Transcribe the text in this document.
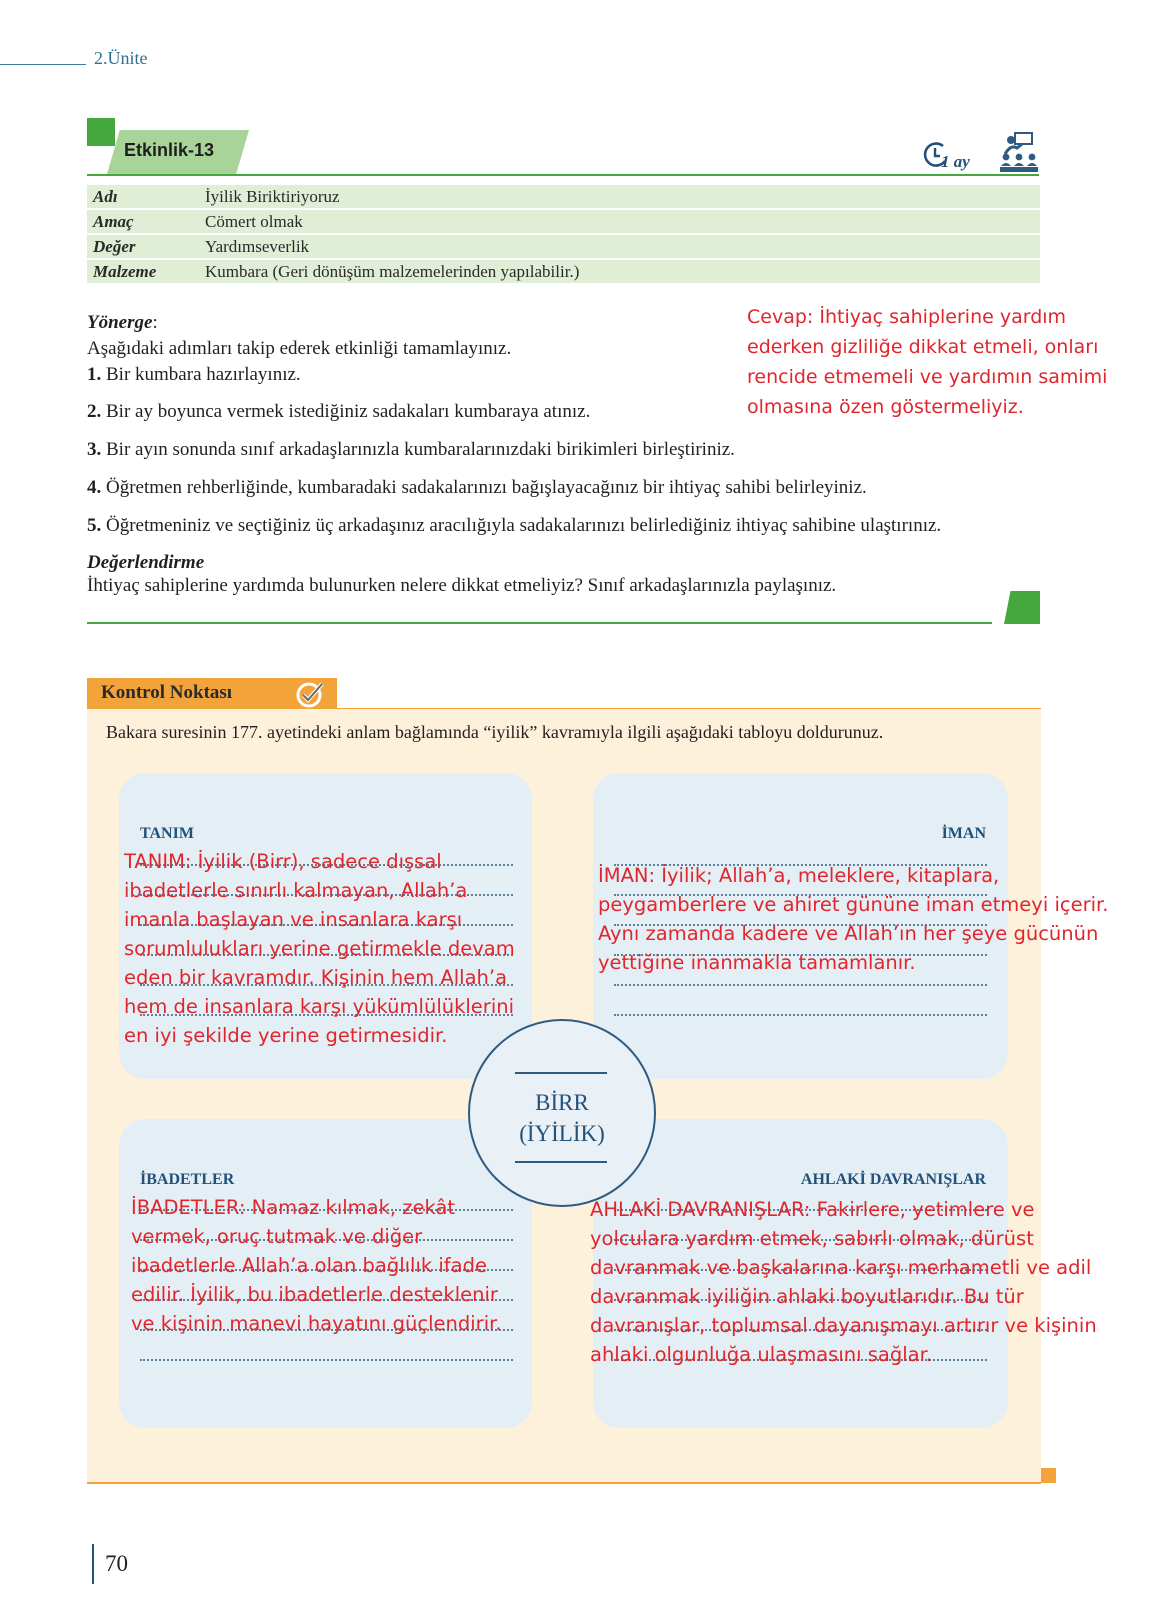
2.Ünite
Etkinlik-13
1 ay
Adı	İyilik Biriktiriyoruz
Amaç	Cömert olmak
Değer	Yardımseverlik
Malzeme	Kumbara (Geri dönüşüm malzemelerinden yapılabilir.)
Yönerge:
Aşağıdaki adımları takip ederek etkinliği tamamlayınız.
1. Bir kumbara hazırlayınız.
2. Bir ay boyunca vermek istediğiniz sadakaları kumbaraya atınız.
3. Bir ayın sonunda sınıf arkadaşlarınızla kumbaralarınızdaki birikimleri birleştiriniz.
4. Öğretmen rehberliğinde, kumbaradaki sadakalarınızı bağışlayacağınız bir ihtiyaç sahibi belirleyiniz.
5. Öğretmeniniz ve seçtiğiniz üç arkadaşınız aracılığıyla sadakalarınızı belirlediğiniz ihtiyaç sahibine ulaştırınız.
Cevap: İhtiyaç sahiplerine yardım
ederken gizliliğe dikkat etmeli, onları
rencide etmemeli ve yardımın samimi
olmasına özen göstermeliyiz.
Değerlendirme
İhtiyaç sahiplerine yardımda bulunurken nelere dikkat etmeliyiz? Sınıf arkadaşlarınızla paylaşınız.
Kontrol Noktası
Bakara suresinin 177. ayetindeki anlam bağlamında “iyilik” kavramıyla ilgili aşağıdaki tabloyu doldurunuz.
TANIM	İMAN
İBADETLER	AHLAKİ DAVRANIŞLAR
TANIM: İyilik (Birr), sadece dışsal
ibadetlerle sınırlı kalmayan, Allah’a
imanla başlayan ve insanlara karşı
sorumlulukları yerine getirmekle devam
eden bir kavramdır. Kişinin hem Allah’a
hem de insanlara karşı yükümlülüklerini
en iyi şekilde yerine getirmesidir.
İMAN: İyilik; Allah’a, meleklere, kitaplara,
peygamberlere ve ahiret gününe iman etmeyi içerir.
Aynı zamanda kadere ve Allah’ın her şeye gücünün
yettiğine inanmakla tamamlanır.
İBADETLER: Namaz kılmak, zekât
vermek, oruç tutmak ve diğer
ibadetlerle Allah’a olan bağlılık ifade
edilir. İyilik, bu ibadetlerle desteklenir
ve kişinin manevi hayatını güçlendirir.
AHLAKİ DAVRANIŞLAR: Fakirlere, yetimlere ve
yolculara yardım etmek, sabırlı olmak, dürüst
davranmak ve başkalarına karşı merhametli ve adil
davranmak iyiliğin ahlaki boyutlarıdır. Bu tür
davranışlar, toplumsal dayanışmayı artırır ve kişinin
ahlaki olgunluğa ulaşmasını sağlar.
BİRR
(İYİLİK)
70
